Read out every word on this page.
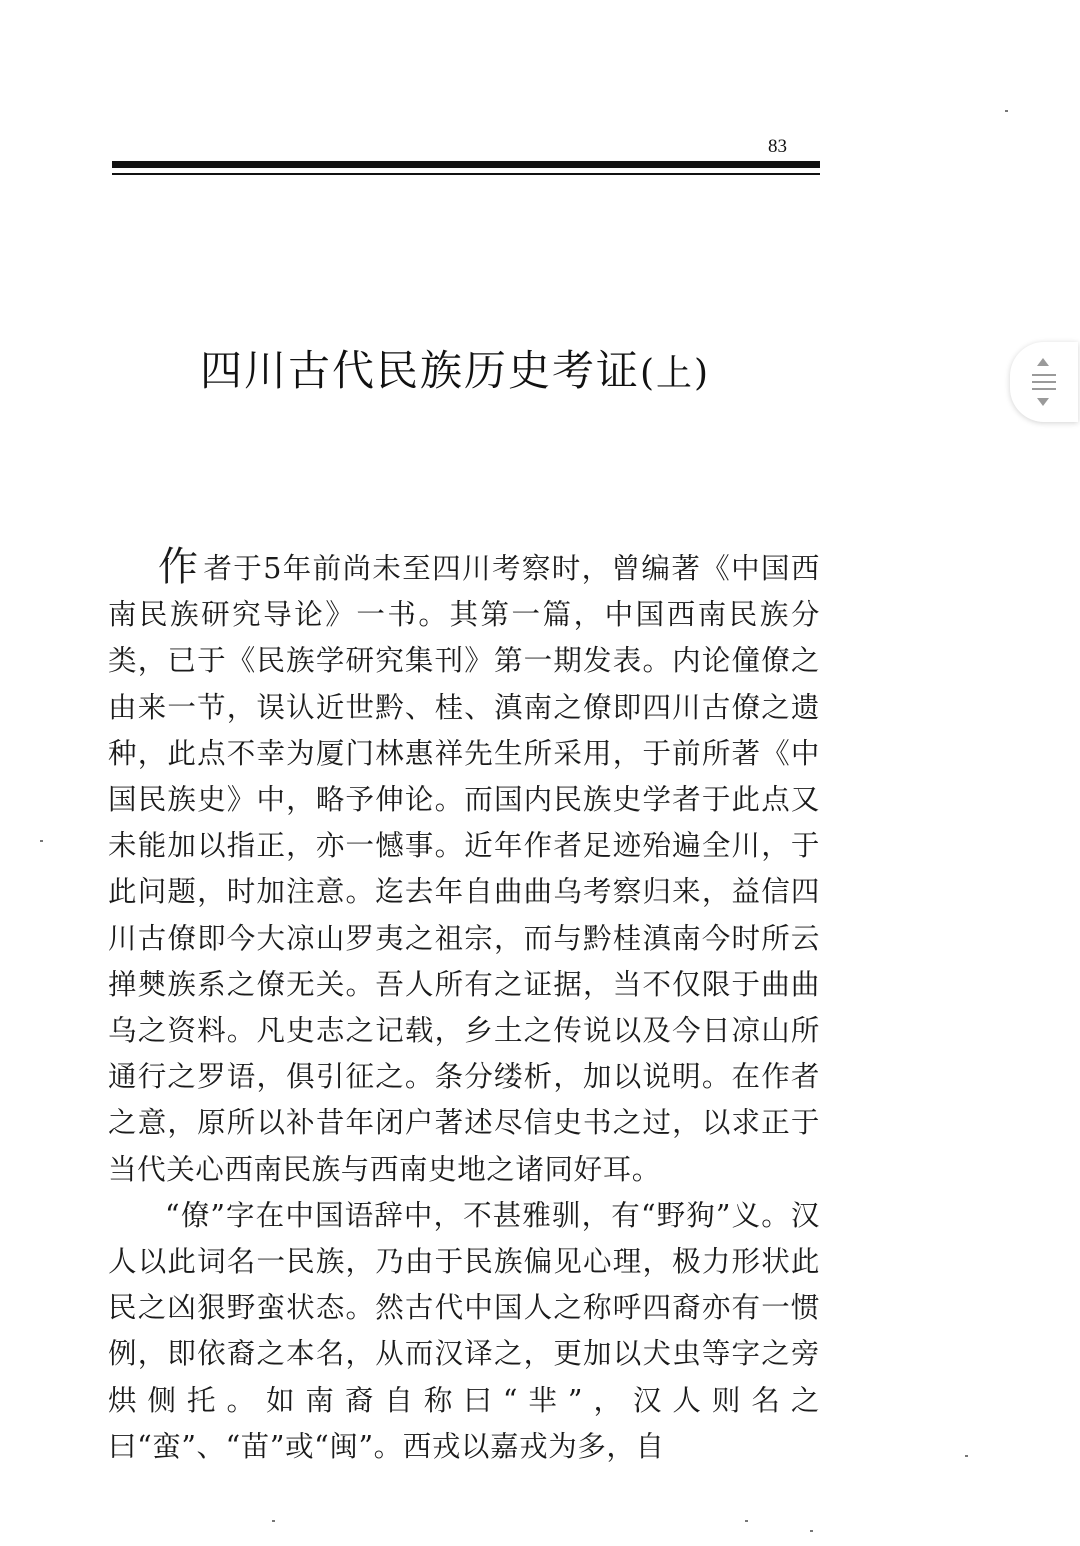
83
四川古代民族历史考证(上)

作 者于5年前尚未至四川考察时，曾编著《中国西南民族研究导论》一书。其第一篇，中国西南民族分类，已于《民族学研究集刊》第一期发表。内论僮僚之由来一节，误认近世黔、桂、滇南之僚即四川古僚之遗种，此点不幸为厦门林惠祥先生所采用，于前所著《中国民族史》中，略予伸论。而国内民族史学者于此点又未能加以指正，亦一憾事。近年作者足迹殆遍全川，于此问题，时加注意。迄去年自曲曲乌考察归来，益信四川古僚即今大凉山罗夷之祖宗，而与黔桂滇南今时所云掸僰族系之僚无关。吾人所有之证据，当不仅限于曲曲乌之资料。凡史志之记载，乡土之传说以及今日凉山所通行之罗语，俱引征之。条分缕析，加以说明。在作者之意，原所以补昔年闭户著述尽信史书之过，以求正于当代关心西南民族与西南史地之诸同好耳。

“僚”字在中国语辞中，不甚雅驯，有“野狗”义。汉人以此词名一民族，乃由于民族偏见心理，极力形状此民之凶狠野蛮状态。然古代中国人之称呼四裔亦有一惯例，即依裔之本名，从而汉译之，更加以犬虫等字之旁烘侧托。如南裔自称曰“芈”，汉人则名之曰“蛮”、“苗”或“闽”。西戎以嘉戎为多，自
